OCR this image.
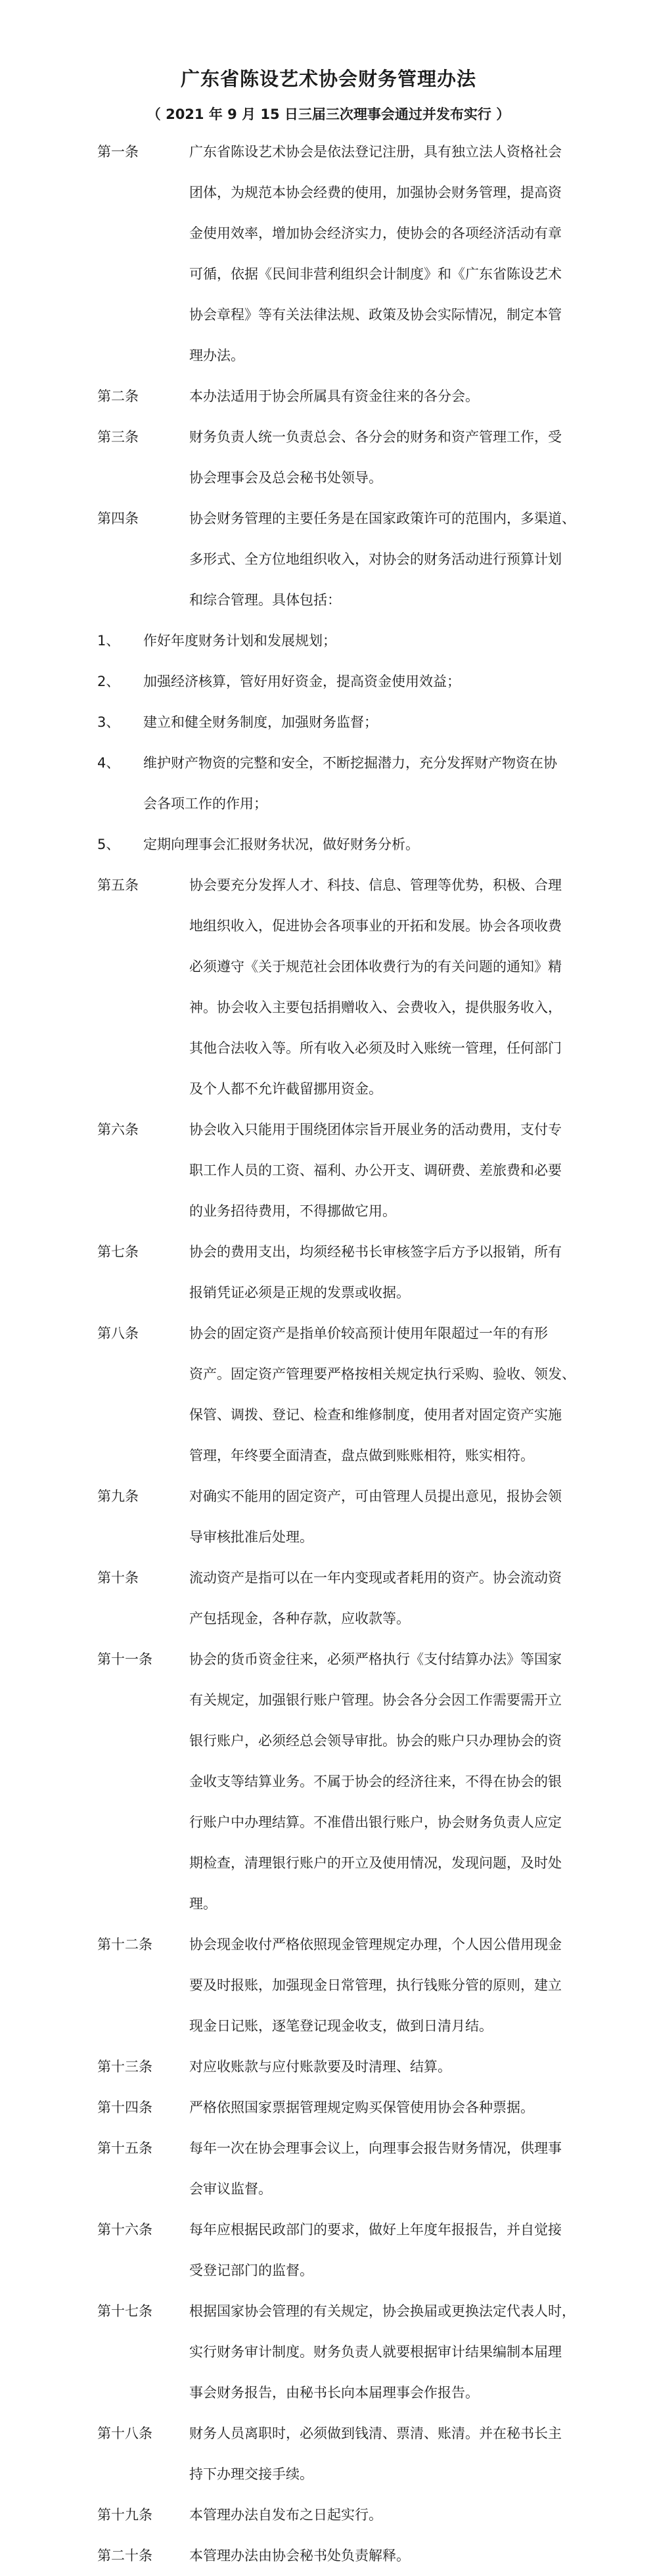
广东省陈设艺术协会财务管理办法
（ 2021 年 9 月 15 日三届三次理事会通过并发布实行 ）
第一条	广东省陈设艺术协会是依法登记注册，具有独立法人资格社会
团体，为规范本协会经费的使用，加强协会财务管理，提高资
金使用效率，增加协会经济实力，使协会的各项经济活动有章
可循，依据《民间非营利组织会计制度》和《广东省陈设艺术
协会章程》等有关法律法规、政策及协会实际情况，制定本管
理办法。
第二条	本办法适用于协会所属具有资金往来的各分会。
第三条	财务负责人统一负责总会、各分会的财务和资产管理工作，受
协会理事会及总会秘书处领导。
第四条	协会财务管理的主要任务是在国家政策许可的范围内，多渠道、
多形式、全方位地组织收入，对协会的财务活动进行预算计划
和综合管理。具体包括：
第五条	协会要充分发挥人才、科技、信息、管理等优势，积极、合理
地组织收入，促进协会各项事业的开拓和发展。协会各项收费
必须遵守《关于规范社会团体收费行为的有关问题的通知》精
神。协会收入主要包括捐赠收入、会费收入，提供服务收入，
其他合法收入等。所有收入必须及时入账统一管理，任何部门
及个人都不允许截留挪用资金。
第六条	协会收入只能用于围绕团体宗旨开展业务的活动费用，支付专
职工作人员的工资、福利、办公开支、调研费、差旅费和必要
的业务招待费用，不得挪做它用。
第七条	协会的费用支出，均须经秘书长审核签字后方予以报销，所有
报销凭证必须是正规的发票或收据。
第八条	协会的固定资产是指单价较高预计使用年限超过一年的有形
资产。固定资产管理要严格按相关规定执行采购、验收、领发、
保管、调拨、登记、检查和维修制度，使用者对固定资产实施
管理，年终要全面清查，盘点做到账账相符，账实相符。
第九条	对确实不能用的固定资产，可由管理人员提出意见，报协会领
导审核批准后处理。
第十条	流动资产是指可以在一年内变现或者耗用的资产。协会流动资
产包括现金，各种存款，应收款等。
第十一条	协会的货币资金往来，必须严格执行《支付结算办法》等国家
有关规定，加强银行账户管理。协会各分会因工作需要需开立
银行账户，必须经总会领导审批。协会的账户只办理协会的资
金收支等结算业务。不属于协会的经济往来，不得在协会的银
行账户中办理结算。不准借出银行账户，协会财务负责人应定
期检查，清理银行账户的开立及使用情况，发现问题，及时处
理。
第十二条	协会现金收付严格依照现金管理规定办理，个人因公借用现金
要及时报账，加强现金日常管理，执行钱账分管的原则，建立
现金日记账，逐笔登记现金收支，做到日清月结。
第十三条	对应收账款与应付账款要及时清理、结算。
第十四条	严格依照国家票据管理规定购买保管使用协会各种票据。
第十五条	每年一次在协会理事会议上，向理事会报告财务情况，供理事
会审议监督。
第十六条	每年应根据民政部门的要求，做好上年度年报报告，并自觉接
受登记部门的监督。
第十七条	根据国家协会管理的有关规定，协会换届或更换法定代表人时，
实行财务审计制度。财务负责人就要根据审计结果编制本届理
事会财务报告，由秘书长向本届理事会作报告。
第十八条	财务人员离职时，必须做到钱清、票清、账清。并在秘书长主
持下办理交接手续。
第十九条	本管理办法自发布之日起实行。
第二十条	本管理办法由协会秘书处负责解释。
1、 作好年度财务计划和发展规划；
2、 加强经济核算，管好用好资金，提高资金使用效益；
3、 建立和健全财务制度，加强财务监督；
4、 维护财产物资的完整和安全，不断挖掘潜力，充分发挥财产物资在协
会各项工作的作用；
5、 定期向理事会汇报财务状况，做好财务分析。
